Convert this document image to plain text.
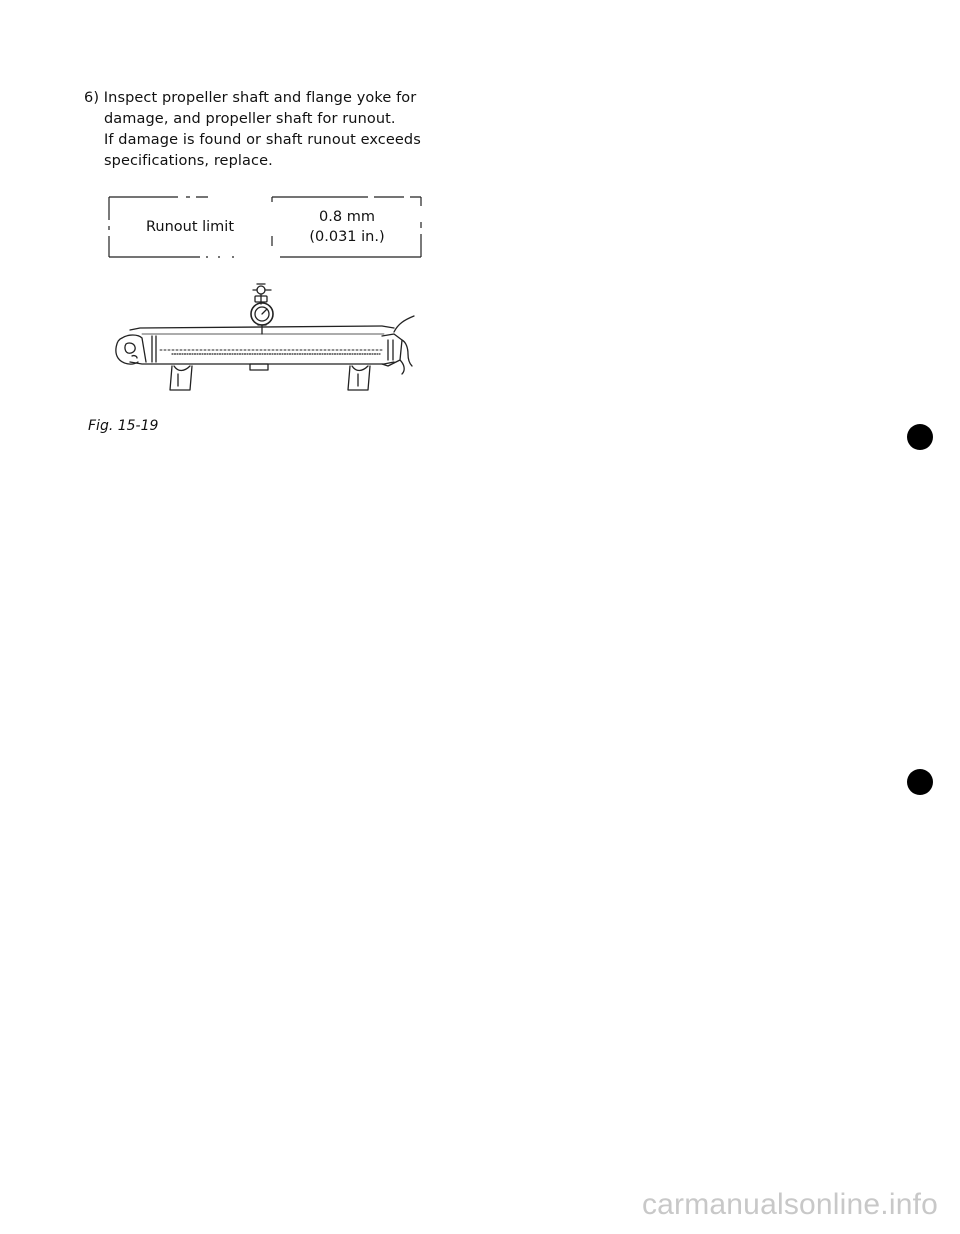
6) Inspect propeller shaft and flange yoke for
damage, and propeller shaft for runout.
If damage is found or shaft runout exceeds
specifications, replace.
Runout limit
0.8 mm
(0.031 in.)
Fig. 15-19
carmanualsonline.info
